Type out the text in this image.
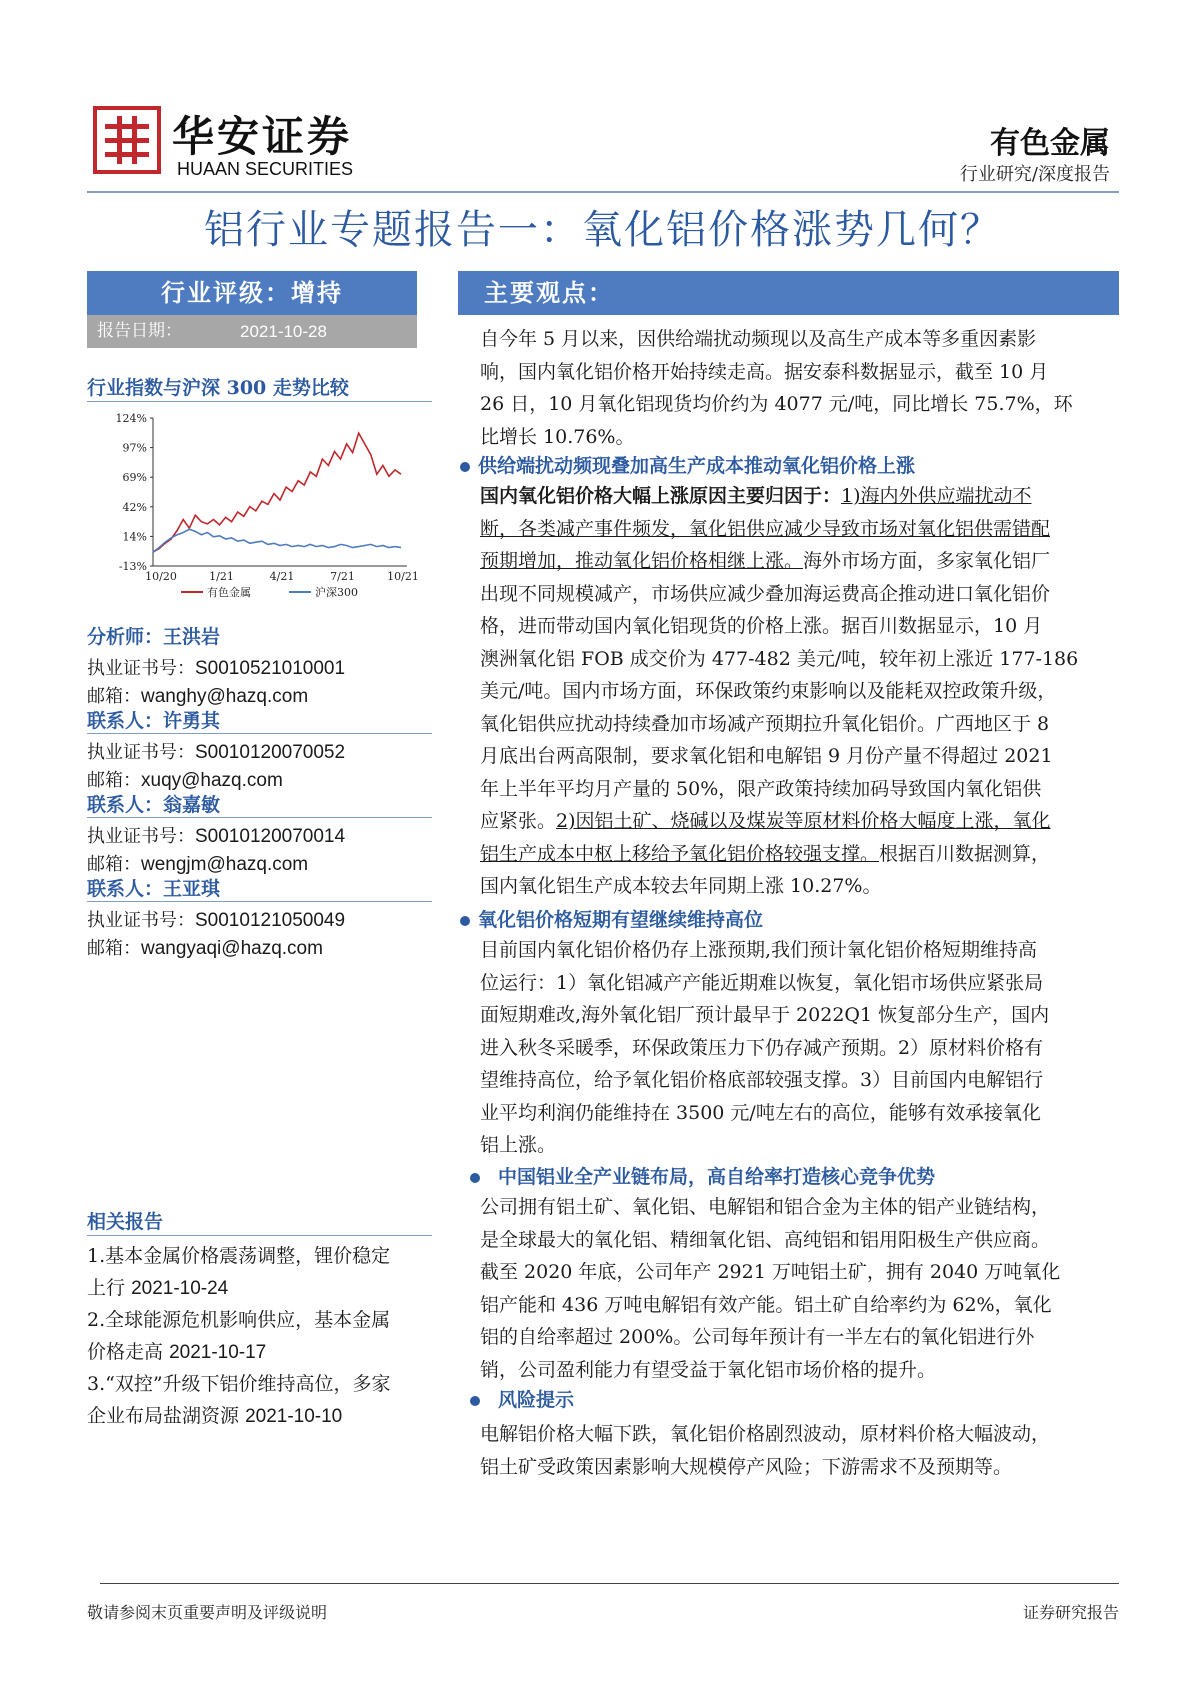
华安证券
HUAAN SECURITIES
有色金属
行业研究/深度报告
铝行业专题报告一：氧化铝价格涨势几何？
行业评级：增持
报告日期：	2021-10-28
行业指数与沪深 300 走势比较
124%
97%
69%
42%
14%
-13%
10/20	1/21	4/21	7/21	10/21
有色金属	沪深300
分析师：王洪岩
执业证书号：S0010521010001
邮箱：wanghy@hazq.com
联系人：许勇其
执业证书号：S0010120070052
邮箱：xuqy@hazq.com
联系人：翁嘉敏
执业证书号：S0010120070014
邮箱：wengjm@hazq.com
联系人：王亚琪
执业证书号：S0010121050049
邮箱：wangyaqi@hazq.com
相关报告
1.基本金属价格震荡调整，锂价稳定
上行 2021-10-24
2.全球能源危机影响供应，基本金属
价格走高 2021-10-17
3.“双控”升级下铝价维持高位，多家
企业布局盐湖资源 2021-10-10
主要观点：
自今年 5 月以来，因供给端扰动频现以及高生产成本等多重因素影
响，国内氧化铝价格开始持续走高。据安泰科数据显示，截至 10 月
26 日，10 月氧化铝现货均价约为 4077 元/吨，同比增长 75.7%，环
比增长 10.76%。
供给端扰动频现叠加高生产成本推动氧化铝价格上涨
国内氧化铝价格大幅上涨原因主要归因于：1)海内外供应端扰动不
断，各类减产事件频发，氧化铝供应减少导致市场对氧化铝供需错配
预期增加，推动氧化铝价格相继上涨。海外市场方面，多家氧化铝厂
出现不同规模减产，市场供应减少叠加海运费高企推动进口氧化铝价
格，进而带动国内氧化铝现货的价格上涨。据百川数据显示，10 月
澳洲氧化铝 FOB 成交价为 477-482 美元/吨，较年初上涨近 177-186
美元/吨。国内市场方面，环保政策约束影响以及能耗双控政策升级，
氧化铝供应扰动持续叠加市场减产预期拉升氧化铝价。广西地区于 8
月底出台两高限制，要求氧化铝和电解铝 9 月份产量不得超过 2021
年上半年平均月产量的 50%，限产政策持续加码导致国内氧化铝供
应紧张。2)因铝土矿、烧碱以及煤炭等原材料价格大幅度上涨，氧化
铝生产成本中枢上移给予氧化铝价格较强支撑。根据百川数据测算，
国内氧化铝生产成本较去年同期上涨 10.27%。
氧化铝价格短期有望继续维持高位
目前国内氧化铝价格仍存上涨预期,我们预计氧化铝价格短期维持高
位运行：1）氧化铝减产产能近期难以恢复，氧化铝市场供应紧张局
面短期难改,海外氧化铝厂预计最早于 2022Q1 恢复部分生产，国内
进入秋冬采暖季，环保政策压力下仍存减产预期。2）原材料价格有
望维持高位，给予氧化铝价格底部较强支撑。3）目前国内电解铝行
业平均利润仍能维持在 3500 元/吨左右的高位，能够有效承接氧化
铝上涨。
中国铝业全产业链布局，高自给率打造核心竞争优势
公司拥有铝土矿、氧化铝、电解铝和铝合金为主体的铝产业链结构，
是全球最大的氧化铝、精细氧化铝、高纯铝和铝用阳极生产供应商。
截至 2020 年底，公司年产 2921 万吨铝土矿，拥有 2040 万吨氧化
铝产能和 436 万吨电解铝有效产能。铝土矿自给率约为 62%，氧化
铝的自给率超过 200%。公司每年预计有一半左右的氧化铝进行外
销，公司盈利能力有望受益于氧化铝市场价格的提升。
风险提示
电解铝价格大幅下跌，氧化铝价格剧烈波动，原材料价格大幅波动，
铝土矿受政策因素影响大规模停产风险；下游需求不及预期等。
敬请参阅末页重要声明及评级说明	证券研究报告
